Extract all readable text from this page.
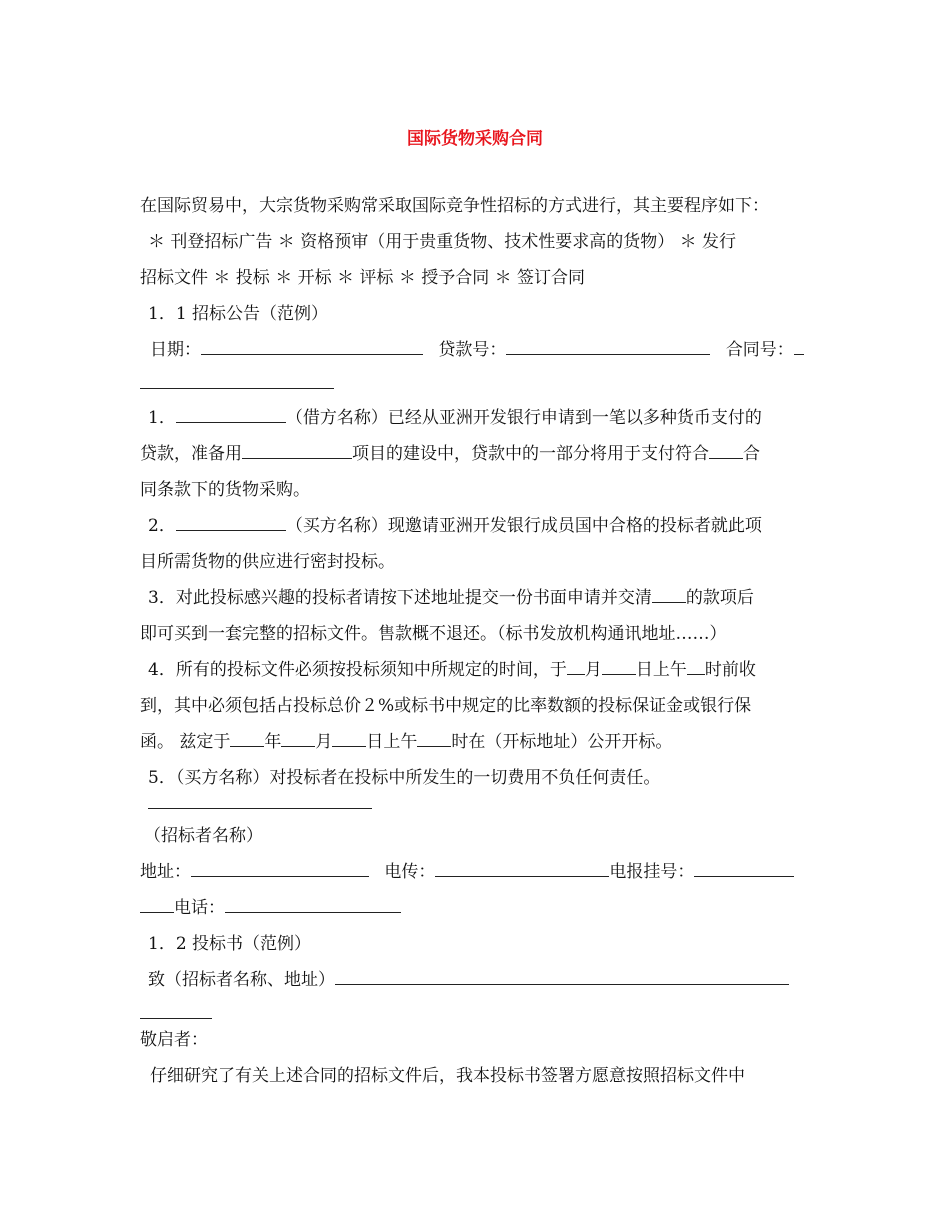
国际货物采购合同
在国际贸易中，大宗货物采购常采取国际竞争性招标的方式进行，其主要程序如下：
＊ 刊登招标广告 ＊ 资格预审（用于贵重货物、技术性要求高的货物） ＊ 发行
招标文件 ＊ 投标 ＊ 开标 ＊ 评标 ＊ 授予合同 ＊ 签订合同
1．1 招标公告（范例）
日期：	贷款号：	合同号：
1．	（借方名称）已经从亚洲开发银行申请到一笔以多种货币支付的
贷款，准备用	项目的建设中，贷款中的一部分将用于支付符合 合
同条款下的货物采购。
2．	（买方名称）现邀请亚洲开发银行成员国中合格的投标者就此项
目所需货物的供应进行密封投标。
3．对此投标感兴趣的投标者请按下述地址提交一份书面申请并交清 的款项后
即可买到一套完整的招标文件。售款概不退还。（标书发放机构通讯地址……）
4．所有的投标文件必须按投标须知中所规定的时间，于 月 日上午 时前收
到，其中必须包括占投标总价２%或标书中规定的比率数额的投标保证金或银行保
函。 兹定于 年 月 日上午 时在（开标地址）公开开标。
5．（买方名称）对投标者在投标中所发生的一切费用不负任何责任。
（招标者名称）
地址：	电传：	电报挂号：
电话：
1．2 投标书（范例）
致（招标者名称、地址）
敬启者：
仔细研究了有关上述合同的招标文件后，我本投标书签署方愿意按照招标文件中
